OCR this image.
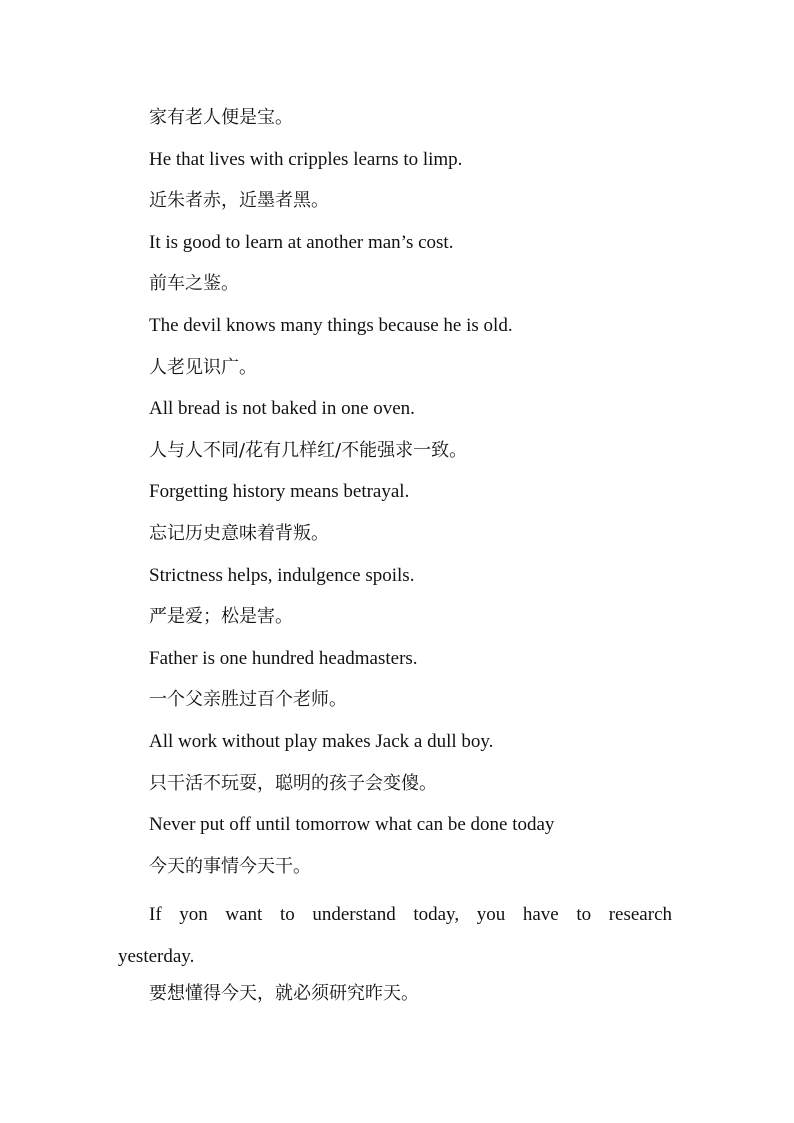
家有老人便是宝。
He that lives with cripples learns to limp.
近朱者赤，近墨者黑。
It is good to learn at another man’s cost.
前车之鉴。
The devil knows many things because he is old.
人老见识广。
All bread is not baked in one oven.
人与人不同/花有几样红/不能强求一致。
Forgetting history means betrayal.
忘记历史意味着背叛。
Strictness helps, indulgence spoils.
严是爱；松是害。
Father is one hundred headmasters.
一个父亲胜过百个老师。
All work without play makes Jack a dull boy.
只干活不玩耍，聪明的孩子会变傻。
Never put off until tomorrow what can be done today
今天的事情今天干。
If yon want to understand today, you have to research
yesterday.
要想懂得今天，就必须研究昨天。
